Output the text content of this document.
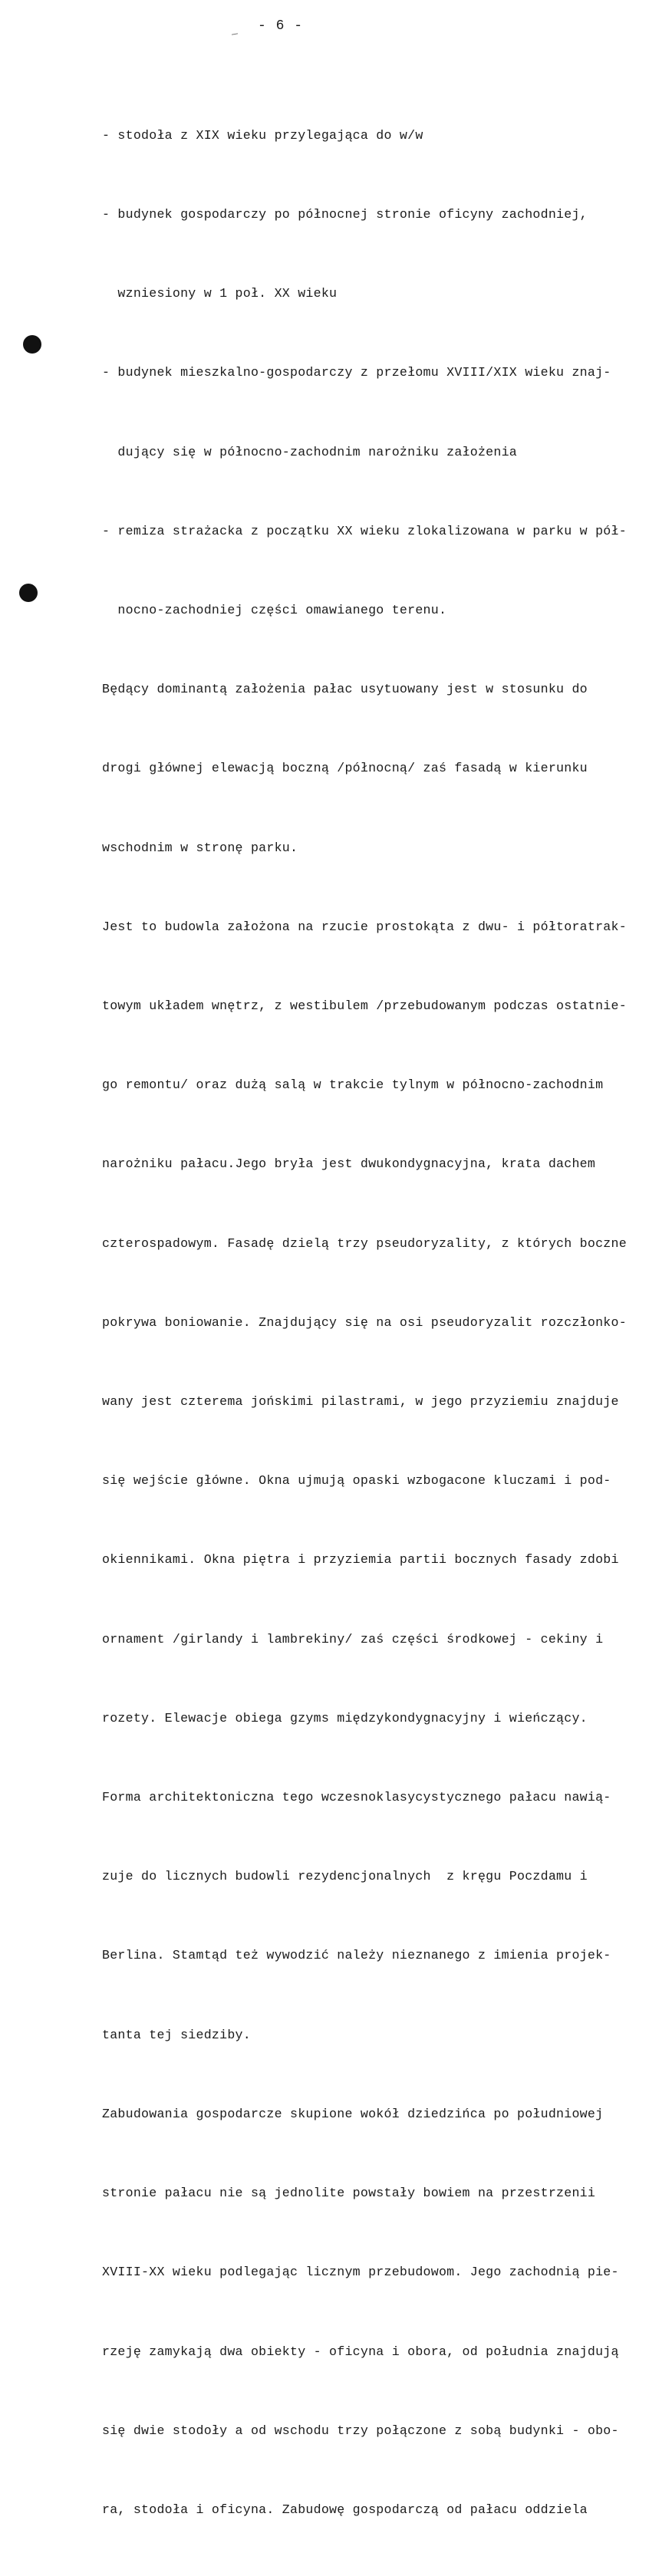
- 6 -

- stodoła z XIX wieku przylegająca do w/w

- budynek gospodarczy po północnej stronie oficyny zachodniej,

wzniesiony w 1 poł. XX wieku

- budynek mieszkalno-gospodarczy z przełomu XVIII/XIX wieku znaj-

dujący się w północno-zachodnim narożniku założenia

- remiza strażacka z początku XX wieku zlokalizowana w parku w pół-

nocno-zachodniej części omawianego terenu.

Będący dominantą założenia pałac usytuowany jest w stosunku do

drogi głównej elewacją boczną /północną/ zaś fasadą w kierunku

wschodnim w stronę parku.

Jest to budowla założona na rzucie prostokąta z dwu- i półtoratrak-

towym układem wnętrz, z westibulem /przebudowanym podczas ostatnie-

go remontu/ oraz dużą salą w trakcie tylnym w północno-zachodnim

narożniku pałacu.Jego bryła jest dwukondygnacyjna, krata dachem

czterospadowym. Fasadę dzielą trzy pseudoryzality, z których boczne

pokrywa boniowanie. Znajdujący się na osi pseudoryzalit rozczłonko-

wany jest czterema jońskimi pilastrami, w jego przyziemiu znajduje

się wejście główne. Okna ujmują opaski wzbogacone kluczami i pod-

okiennikami. Okna piętra i przyziemia partii bocznych fasady zdobi

ornament /girlandy i lambrekiny/ zaś części środkowej - cekiny i

rozety. Elewacje obiega gzyms międzykondygnacyjny i wieńczący.

Forma architektoniczna tego wczesnoklasycystycznego pałacu nawią-

zuje do licznych budowli rezydencjonalnych  z kręgu Poczdamu i

Berlina. Stamtąd też wywodzić należy nieznanego z imienia projek-

tanta tej siedziby.

Zabudowania gospodarcze skupione wokół dziedzińca po południowej

stronie pałacu nie są jednolite powstały bowiem na przestrzenii

XVIII-XX wieku podlegając licznym przebudowom. Jego zachodnią pie-

rzeję zamykają dwa obiekty - oficyna i obora, od południa znajdują

się dwie stodoły a od wschodu trzy połączone z sobą budynki - obo-

ra, stodoła i oficyna. Zabudowę gospodarczą od pałacu oddziela
